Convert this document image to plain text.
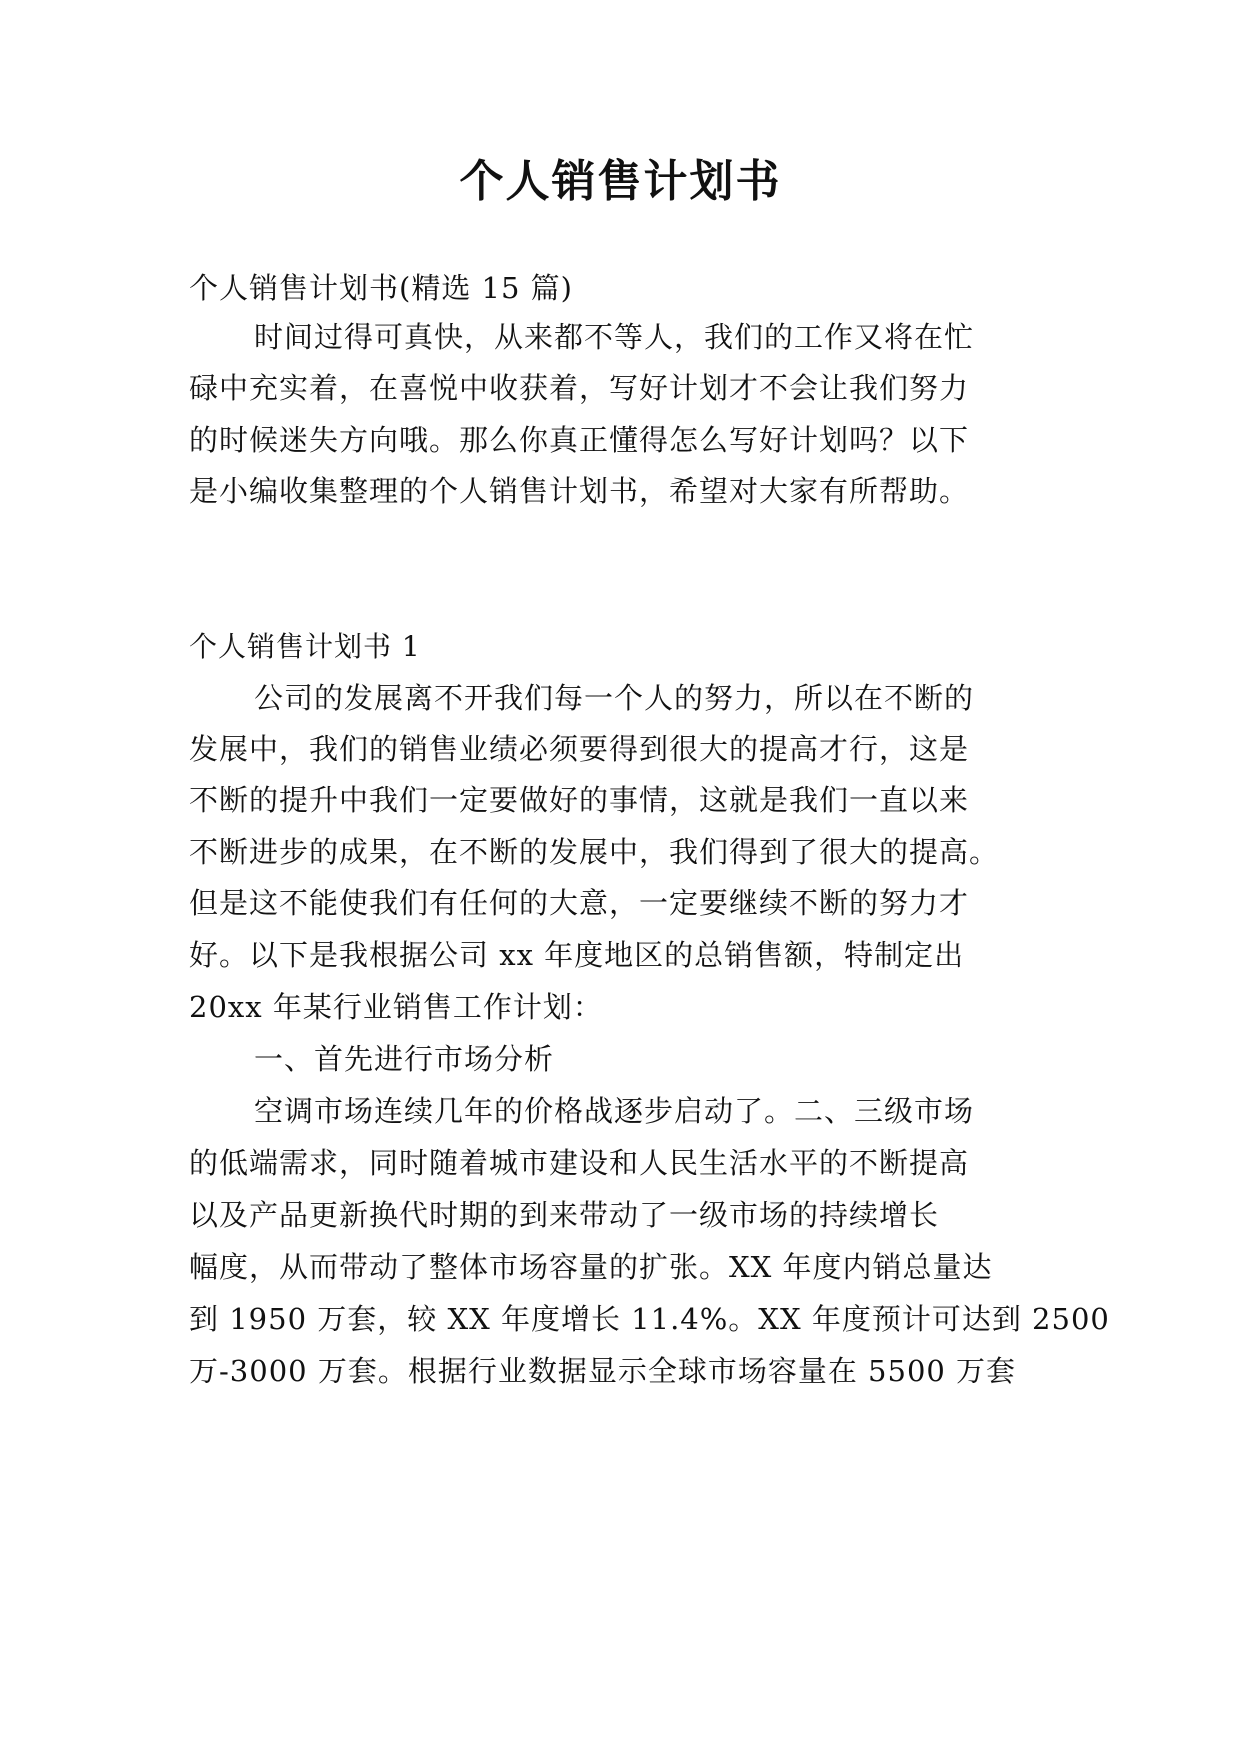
个人销售计划书
个人销售计划书(精选 15 篇)
时间过得可真快，从来都不等人，我们的工作又将在忙
碌中充实着，在喜悦中收获着，写好计划才不会让我们努力
的时候迷失方向哦。那么你真正懂得怎么写好计划吗？以下
是小编收集整理的个人销售计划书，希望对大家有所帮助。
个人销售计划书 1
公司的发展离不开我们每一个人的努力，所以在不断的
发展中，我们的销售业绩必须要得到很大的提高才行，这是
不断的提升中我们一定要做好的事情，这就是我们一直以来
不断进步的成果，在不断的发展中，我们得到了很大的提高。
但是这不能使我们有任何的大意，一定要继续不断的努力才
好。以下是我根据公司 xx 年度地区的总销售额，特制定出
20xx 年某行业销售工作计划：
一、首先进行市场分析
空调市场连续几年的价格战逐步启动了。二、三级市场
的低端需求，同时随着城市建设和人民生活水平的不断提高
以及产品更新换代时期的到来带动了一级市场的持续增长
幅度，从而带动了整体市场容量的扩张。XX 年度内销总量达
到 1950 万套，较 XX 年度增长 11.4%。XX 年度预计可达到 2500
万-3000 万套。根据行业数据显示全球市场容量在 5500 万套
